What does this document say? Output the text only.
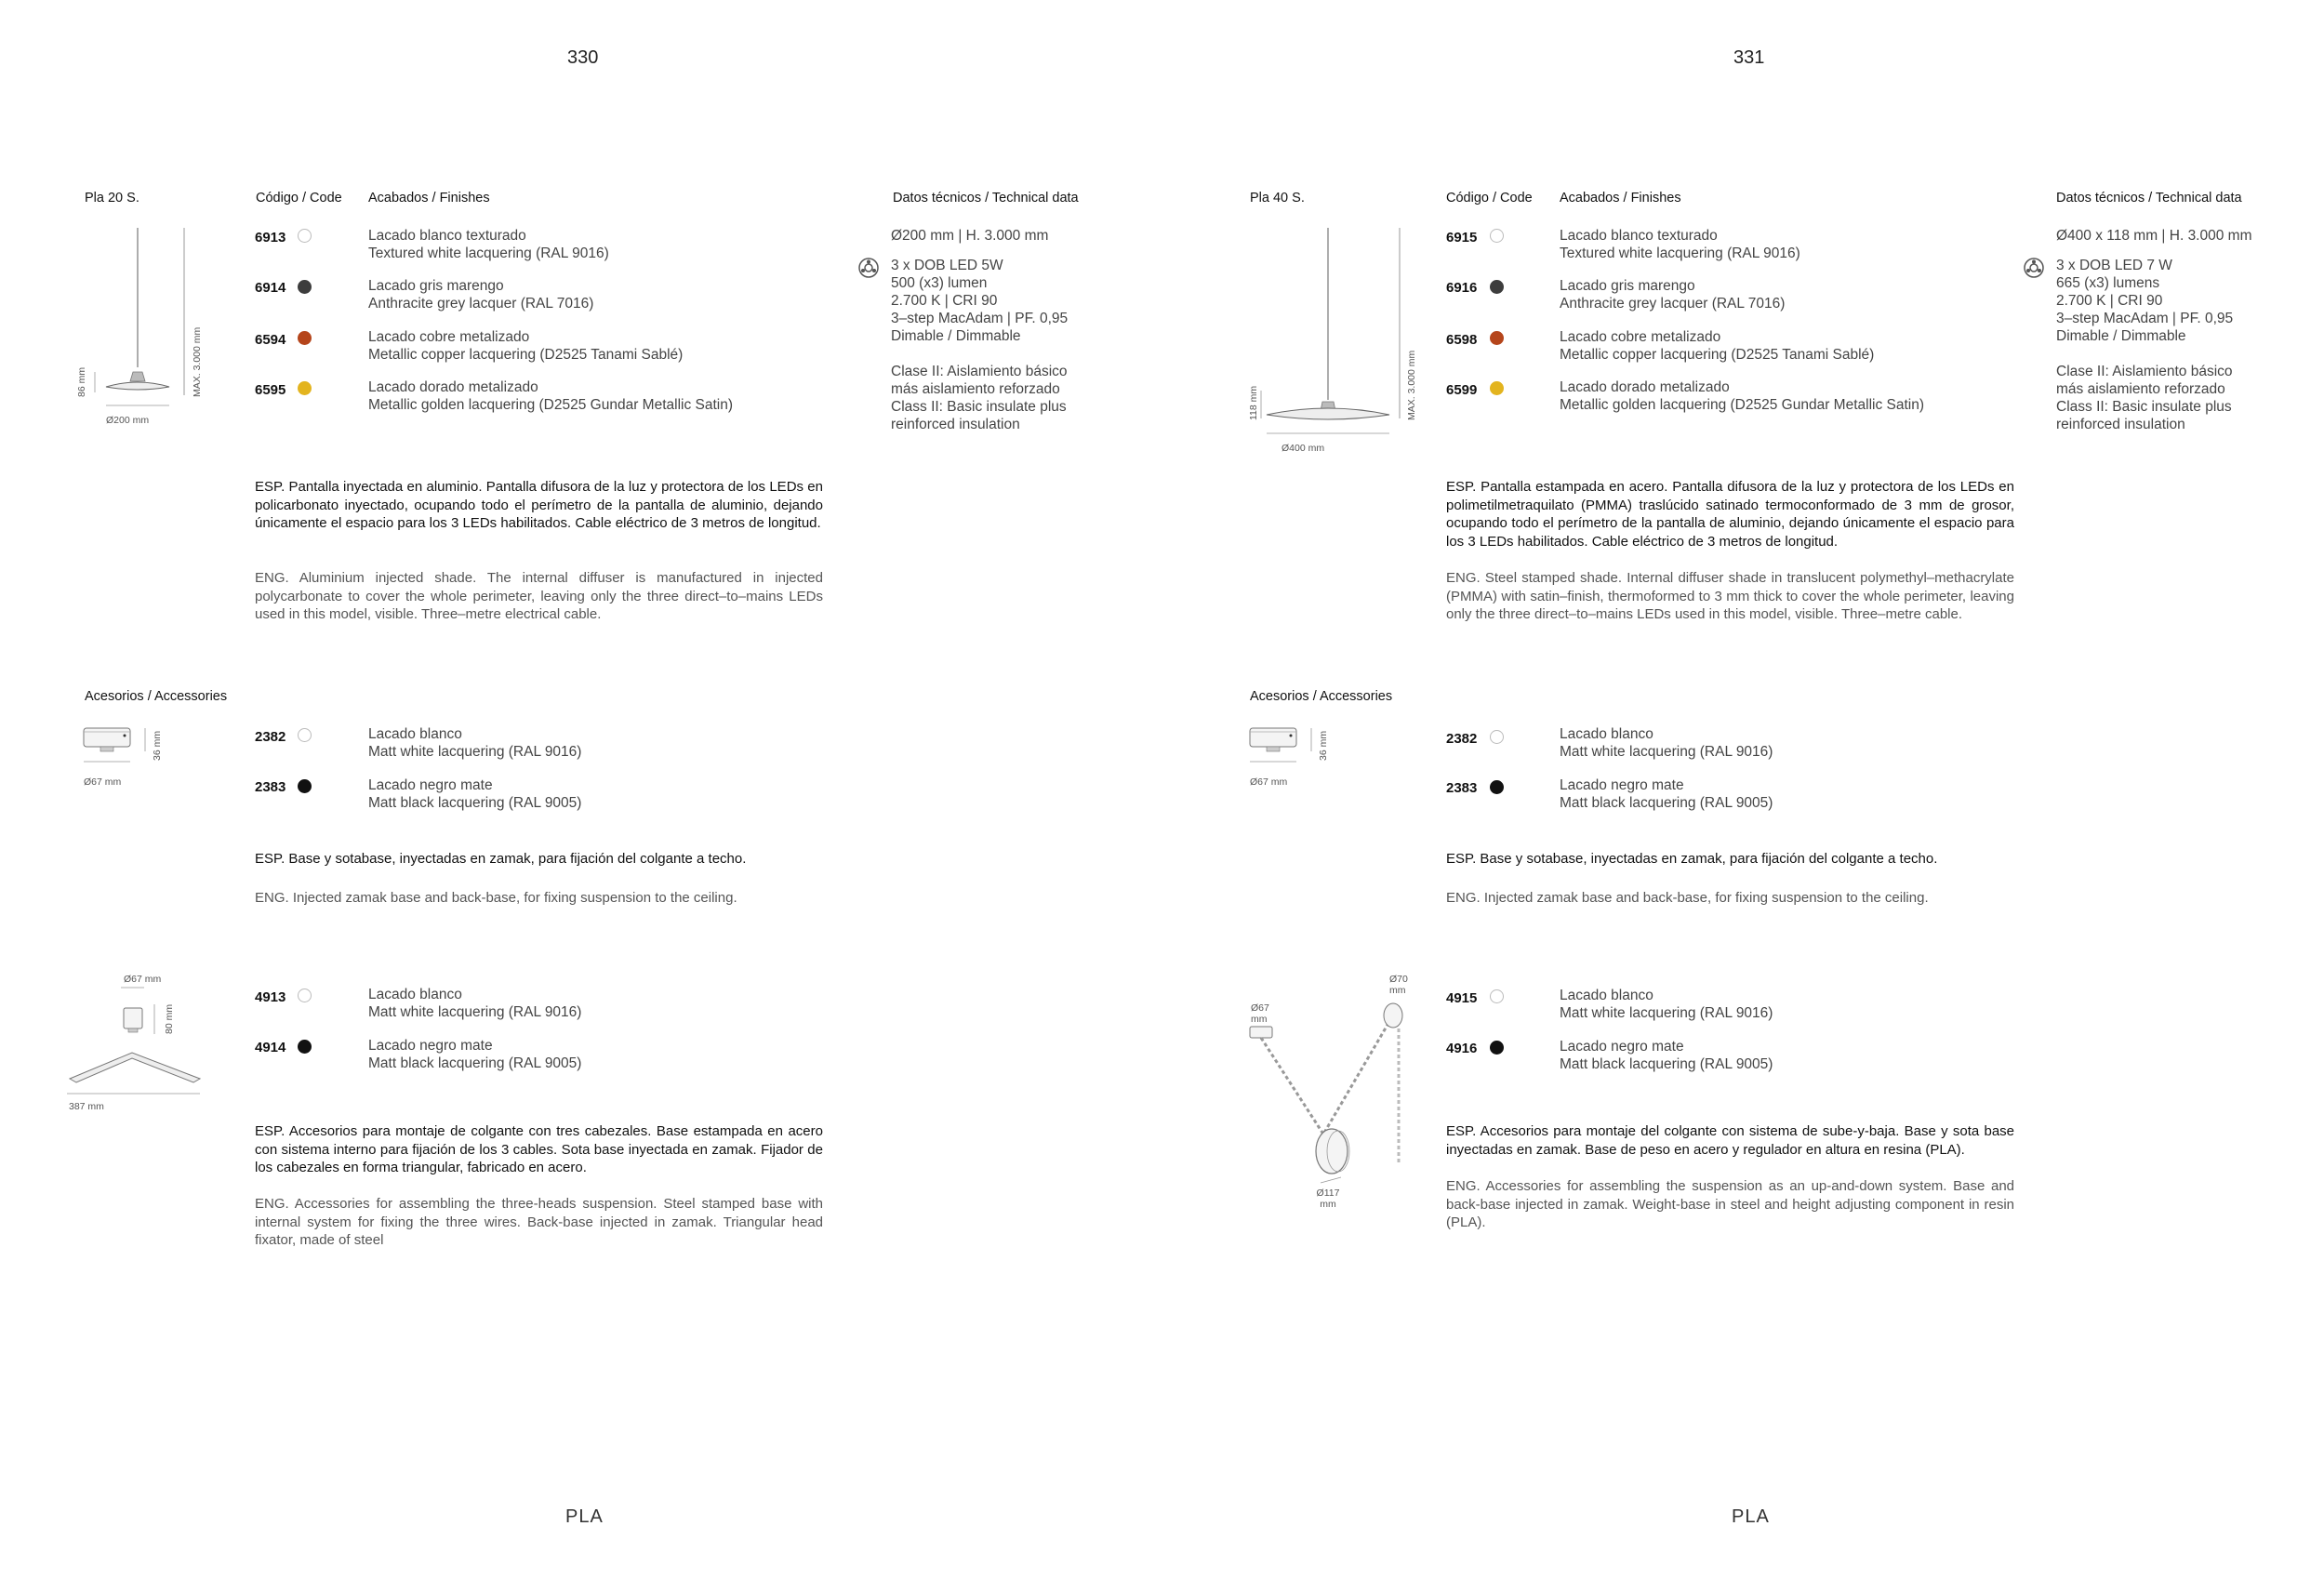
330
Pla 20 S.	Código / Code Acabados / Finishes	Datos técnicos / Technical data
86 mm	MAX. 3.000 mm
Ø200 mm
6913	Lacado blanco texturado
Textured white lacquering (RAL 9016)
6914	Lacado gris marengo
Anthracite grey lacquer (RAL 7016)
6594	Lacado cobre metalizado
Metallic copper lacquering (D2525 Tanami Sablé)
6595	Lacado dorado metalizado
Metallic golden lacquering (D2525 Gundar Metallic Satin)
Ø200 mm | H. 3.000 mm
3 x DOB LED 5W
500 (x3) lumen
2.700 K | CRI 90
3–step MacAdam | PF. 0,95
Dimable / Dimmable
Clase II: Aislamiento básico
más aislamiento reforzado
Class II: Basic insulate plus
reinforced insulation
ESP. Pantalla inyectada en aluminio. Pantalla difusora de la luz y protectora de los LEDs en policarbonato inyectado, ocupando todo el perímetro de la pantalla de aluminio, dejando únicamente el espacio para los 3 LEDs habilitados. Cable eléctrico de 3 metros de longitud.
ENG. Aluminium injected shade. The internal diffuser is manufactured in injected polycarbonate to cover the whole perimeter, leaving only the three direct–to–mains LEDs used in this model, visible. Three–metre electrical cable.
Acesorios / Accessories
36 mm
Ø67 mm
2382	Lacado blanco
Matt white lacquering (RAL 9016)
2383	Lacado negro mate
Matt black lacquering (RAL 9005)
ESP. Base y sotabase, inyectadas en zamak, para fijación del colgante a techo.
ENG. Injected zamak base and back-base, for fixing suspension to the ceiling.
Ø67 mm
80 mm
387 mm
4913	Lacado blanco
Matt white lacquering (RAL 9016)
4914	Lacado negro mate
Matt black lacquering (RAL 9005)
ESP. Accesorios para montaje de colgante con tres cabezales. Base estampada en acero con sistema interno para fijación de los 3 cables. Sota base inyectada en zamak. Fijador de los cabezales en forma triangular, fabricado en acero.
ENG. Accessories for assembling the three-heads suspension. Steel stamped base with internal system for fixing the three wires. Back-base injected in zamak. Triangular head fixator, made of steel
PLA
331
Pla 40 S.	Código / Code Acabados / Finishes	Datos técnicos / Technical data
118 mm	MAX. 3.000 mm
Ø400 mm
6915	Lacado blanco texturado
Textured white lacquering (RAL 9016)
6916	Lacado gris marengo
Anthracite grey lacquer (RAL 7016)
6598	Lacado cobre metalizado
Metallic copper lacquering (D2525 Tanami Sablé)
6599	Lacado dorado metalizado
Metallic golden lacquering (D2525 Gundar Metallic Satin)
Ø400 x 118 mm | H. 3.000 mm
3 x DOB LED 7 W
665 (x3) lumens
2.700 K | CRI 90
3–step MacAdam | PF. 0,95
Dimable / Dimmable
Clase II: Aislamiento básico
más aislamiento reforzado
Class II: Basic insulate plus
reinforced insulation
ESP. Pantalla estampada en acero. Pantalla difusora de la luz y protectora de los LEDs en polimetilmetraquilato (PMMA) traslúcido satinado termoconformado de 3 mm de grosor, ocupando todo el perímetro de la pantalla de aluminio, dejando únicamente el espacio para los 3 LEDs habilitados. Cable eléctrico de 3 metros de longitud.
ENG. Steel stamped shade. Internal diffuser shade in translucent polymethyl–methacrylate (PMMA) with satin–finish, thermoformed to 3 mm thick to cover the whole perimeter, leaving only the three direct–to–mains LEDs used in this model, visible. Three–metre cable.
Acesorios / Accessories
36 mm
Ø67 mm
2382	Lacado blanco
Matt white lacquering (RAL 9016)
2383	Lacado negro mate
Matt black lacquering (RAL 9005)
ESP. Base y sotabase, inyectadas en zamak, para fijación del colgante a techo.
ENG. Injected zamak base and back-base, for fixing suspension to the ceiling.
Ø67 mm
Ø70 mm
Ø117 mm
4915	Lacado blanco
Matt white lacquering (RAL 9016)
4916	Lacado negro mate
Matt black lacquering (RAL 9005)
ESP. Accesorios para montaje del colgante con sistema de sube-y-baja. Base y sota base inyectadas en zamak. Base de peso en acero y regulador en altura en resina (PLA).
ENG. Accessories for assembling the suspension as an up-and-down system. Base and back-base injected in zamak. Weight-base in steel and height adjusting component in resin (PLA).
PLA
